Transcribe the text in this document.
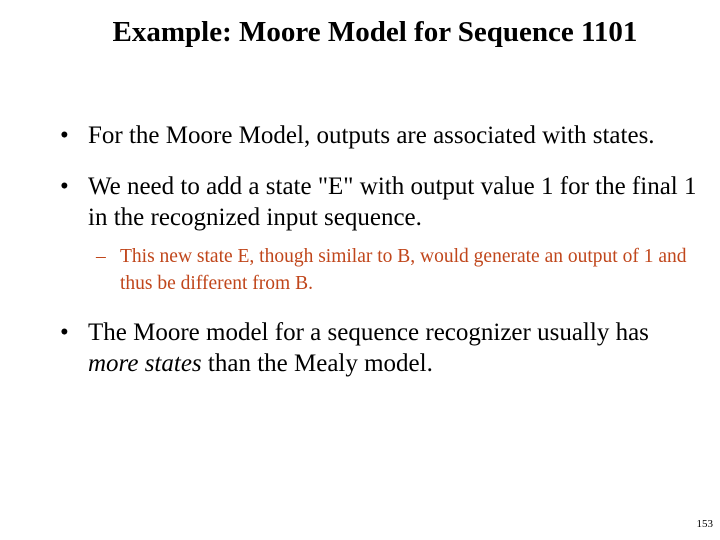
Example: Moore Model for Sequence 1101
• For the Moore Model, outputs are associated with states.
• We need to add a state "E" with output value 1 for the final 1 in the recognized input sequence.
– This new state E, though similar to B, would generate an output of 1 and thus be different from B.
• The Moore model for a sequence recognizer usually has more states than the Mealy model.
153
